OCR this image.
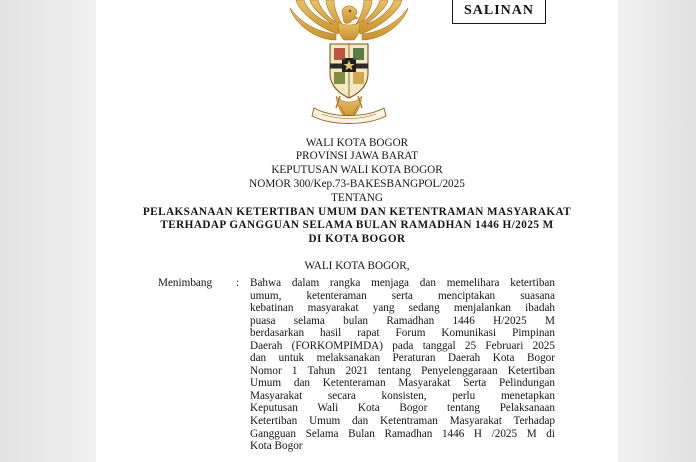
SALINAN
WALI KOTA BOGOR
PROVINSI JAWA BARAT
KEPUTUSAN WALI KOTA BOGOR
NOMOR 300/Kep.73-BAKESBANGPOL/2025
TENTANG
PELAKSANAAN KETERTIBAN UMUM DAN KETENTRAMAN MASYARAKAT
TERHADAP GANGGUAN SELAMA BULAN RAMADHAN 1446 H/2025 M
DI KOTA BOGOR
WALI KOTA BOGOR,
Menimbang : Bahwa dalam rangka menjaga dan memelihara ketertiban
umum, ketenteraman serta menciptakan suasana
kebatinan masyarakat yang sedang menjalankan ibadah
puasa selama bulan Ramadhan 1446 H/2025 M
berdasarkan hasil rapat Forum Komunikasi Pimpinan
Daerah (FORKOMPIMDA) pada tanggal 25 Februari 2025
dan untuk melaksanakan Peraturan Daerah Kota Bogor
Nomor 1 Tahun 2021 tentang Penyelenggaraan Ketertiban
Umum dan Ketenteraman Masyarakat Serta Pelindungan
Masyarakat secara konsisten, perlu menetapkan
Keputusan Wali Kota Bogor tentang Pelaksanaan
Ketertiban Umum dan Ketentraman Masyarakat Terhadap
Gangguan Selama Bulan Ramadhan 1446 H /2025 M di
Kota Bogor
